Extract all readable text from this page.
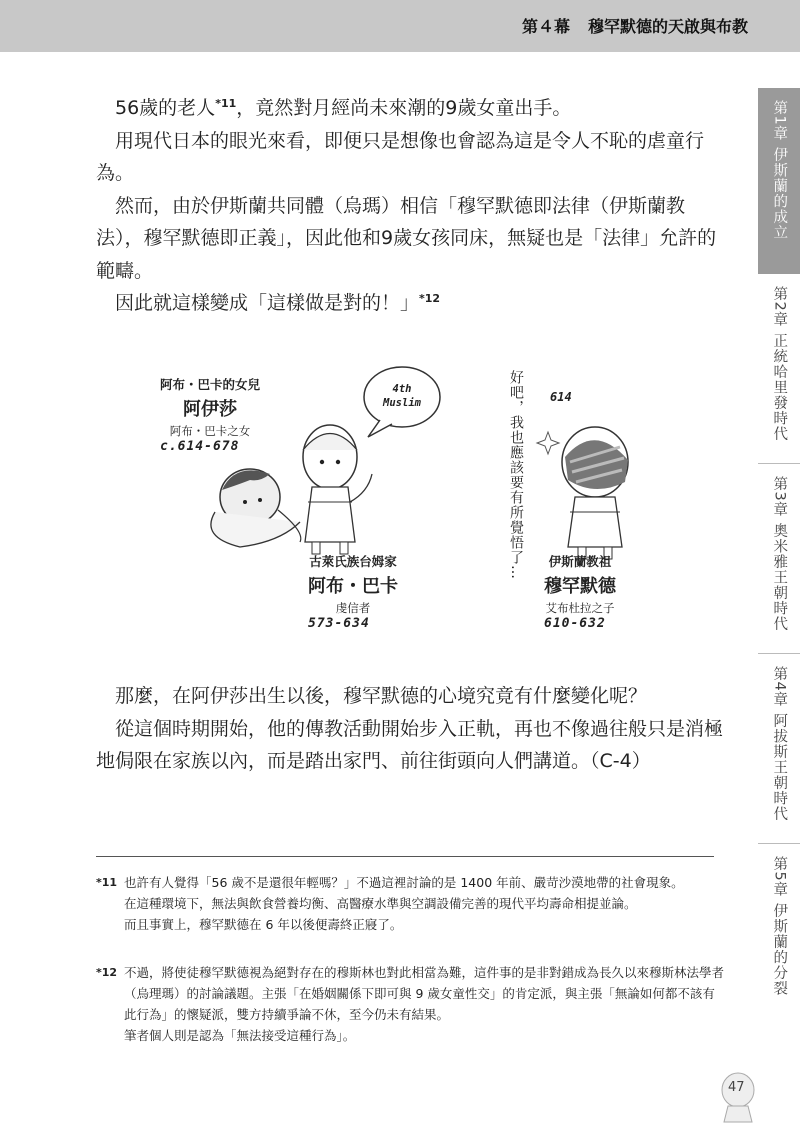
第４幕 穆罕默德的天啟與布教

56歲的老人$^{*11}$，竟然對月經尚未來潮的9歲女童出手。

用現代日本的眼光來看，即便只是想像也會認為這是令人不恥的虐童行為。

然而，由於伊斯蘭共同體（烏瑪）相信「穆罕默德即法律（伊斯蘭教法），穆罕默德即正義」，因此他和9歲女孩同床，無疑也是「法律」允許的範疇。

因此就這樣變成「這樣做是對的！」$^{*12}$

4th
Muslim
阿布・巴卡的女兒
阿伊莎
阿布・巴卡之女
c.614-678
好吧，我也應該要有所覺悟了…
614
古萊氏族台姆家
阿布・巴卡
虔信者
573-634
伊斯蘭教祖
穆罕默德
艾布杜拉之子
610-632

那麼，在阿伊莎出生以後，穆罕默德的心境究竟有什麼變化呢？

從這個時期開始，他的傳教活動開始步入正軌，再也不像過往般只是消極地侷限在家族以內，而是踏出家門、前往街頭向人們講道。（C-4）

*11 也許有人覺得「56 歲不是還很年輕嗎？」不過這裡討論的是 1400 年前、嚴苛沙漠地帶的社會現象。

在這種環境下，無法與飲食營養均衡、高醫療水準與空調設備完善的現代平均壽命相提並論。

而且事實上，穆罕默德在 6 年以後便壽終正寢了。

*12 不過，將使徒穆罕默德視為絕對存在的穆斯林也對此相當為難，這件事的是非對錯成為長久以來穆斯林法學者（烏理瑪）的討論議題。主張「在婚姻關係下即可與 9 歲女童性交」的肯定派，與主張「無論如何都不該有此行為」的懷疑派，雙方持續爭論不休，至今仍未有結果。

筆者個人則是認為「無法接受這種行為」。

第1章
伊斯蘭的成立
第2章
正統哈里發時代
第3章
奧米雅王朝時代
第4章
阿拔斯王朝時代
第5章
伊斯蘭的分裂
47
